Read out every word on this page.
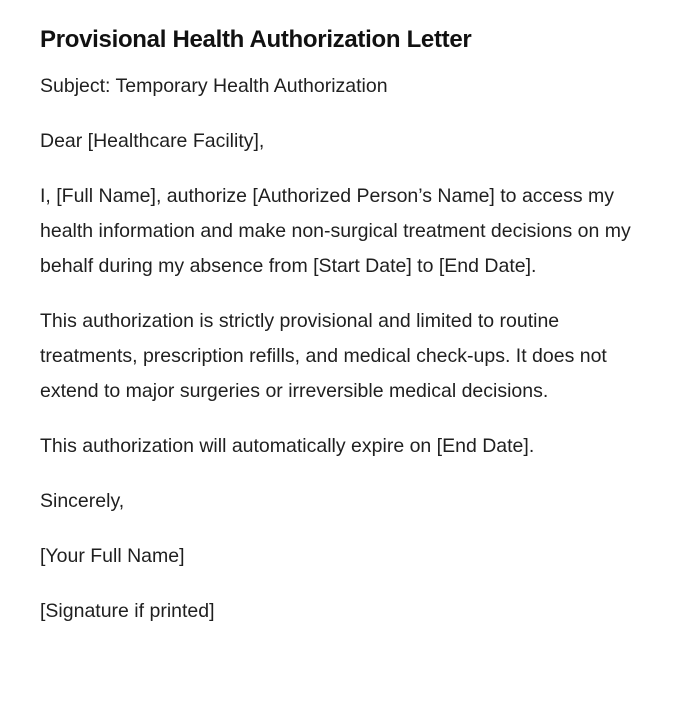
Provisional Health Authorization Letter

Subject: Temporary Health Authorization

Dear [Healthcare Facility],

I, [Full Name], authorize [Authorized Person’s Name] to access my health information and make non-surgical treatment decisions on my behalf during my absence from [Start Date] to [End Date].

This authorization is strictly provisional and limited to routine treatments, prescription refills, and medical check-ups. It does not extend to major surgeries or irreversible medical decisions.

This authorization will automatically expire on [End Date].

Sincerely,

[Your Full Name]

[Signature if printed]
